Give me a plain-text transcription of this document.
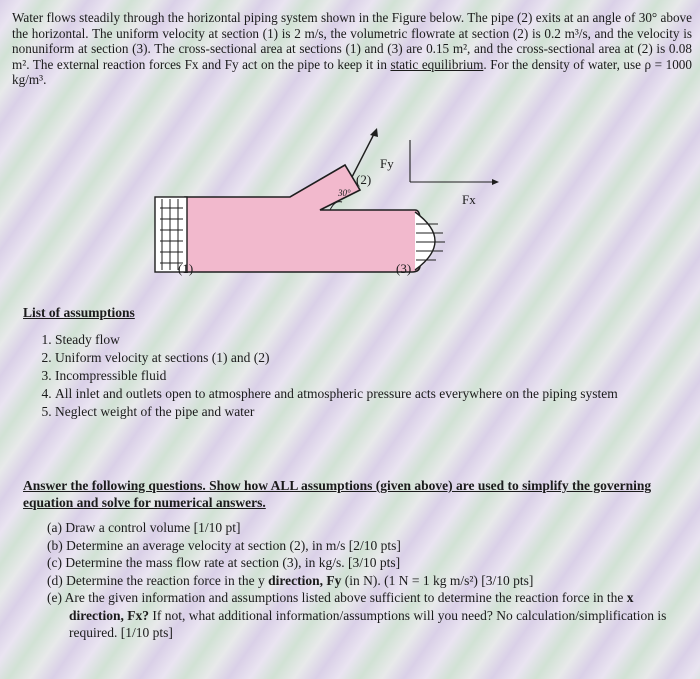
Water flows steadily through the horizontal piping system shown in the Figure below. The pipe (2) exits at an angle of 30° above the horizontal. The uniform velocity at section (1) is 2 m/s, the volumetric flowrate at section (2) is 0.2 m³/s, and the velocity is nonuniform at section (3). The cross-sectional area at sections (1) and (3) are 0.15 m², and the cross-sectional area at (2) is 0.08 m². The external reaction forces Fx and Fy act on the pipe to keep it in static equilibrium. For the density of water, use ρ = 1000 kg/m³.
(1)
(2)
(3)
30°
Fy
Fx
List of assumptions
1. Steady flow
2. Uniform velocity at sections (1) and (2)
3. Incompressible fluid
4. All inlet and outlets open to atmosphere and atmospheric pressure acts everywhere on the piping system
5. Neglect weight of the pipe and water
Answer the following questions. Show how ALL assumptions (given above) are used to simplify the governing equation and solve for numerical answers.
(a) Draw a control volume [1/10 pt]
(b) Determine an average velocity at section (2), in m/s [2/10 pts]
(c) Determine the mass flow rate at section (3), in kg/s. [3/10 pts]
(d) Determine the reaction force in the y direction, Fy (in N). (1 N = 1 kg m/s²) [3/10 pts]
(e) Are the given information and assumptions listed above sufficient to determine the reaction force in the x direction, Fx? If not, what additional information/assumptions will you need? No calculation/simplification is required. [1/10 pts]
